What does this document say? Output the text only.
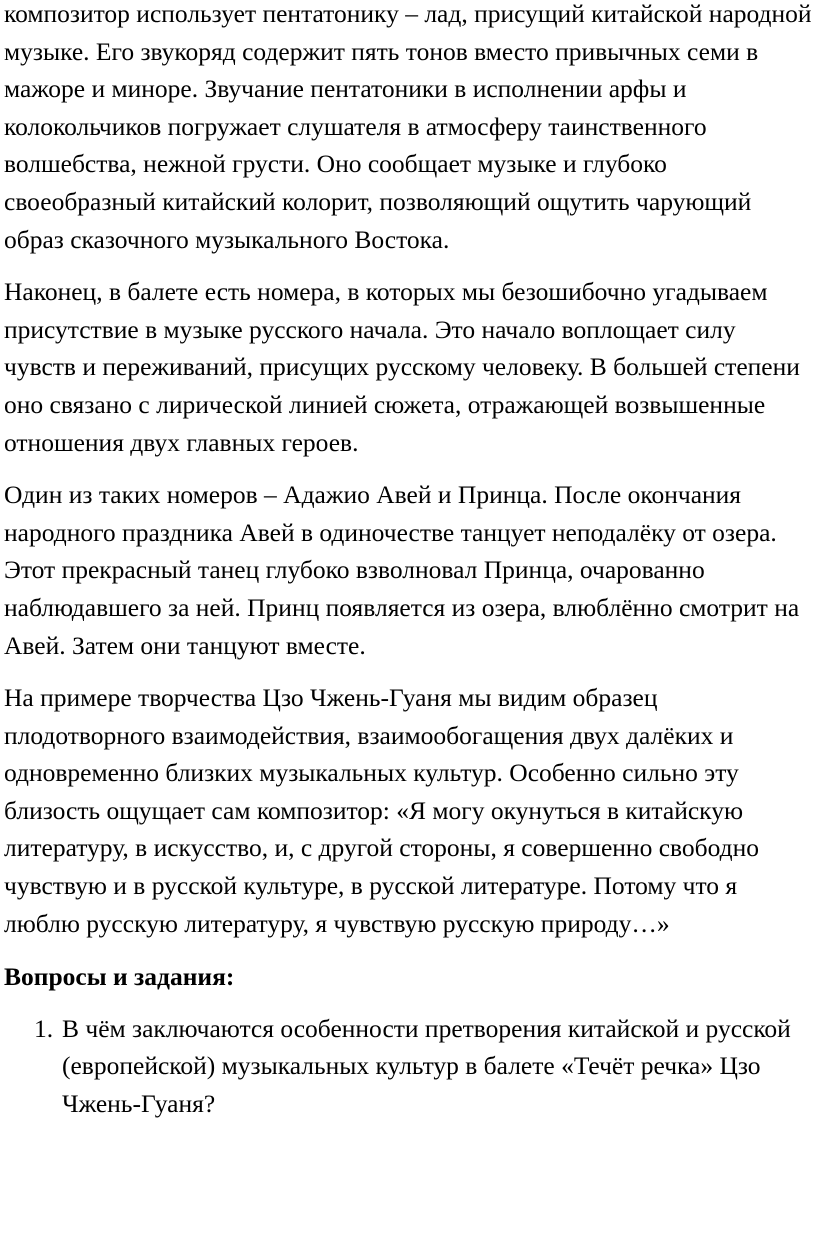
композитор использует пентатонику – лад, присущий китайской народной музыке. Его звукоряд содержит пять тонов вместо привычных семи в мажоре и миноре. Звучание пентатоники в исполнении арфы и колокольчиков погружает слушателя в атмосферу таинственного волшебства, нежной грусти. Оно сообщает музыке и глубоко своеобразный китайский колорит, позволяющий ощутить чарующий образ сказочного музыкального Востока.

Наконец, в балете есть номера, в которых мы безошибочно угадываем присутствие в музыке русского начала. Это начало воплощает силу чувств и переживаний, присущих русскому человеку. В большей степени оно связано с лирической линией сюжета, отражающей возвышенные отношения двух главных героев.

Один из таких номеров – Адажио Авей и Принца. После окончания народного праздника Авей в одиночестве танцует неподалёку от озера. Этот прекрасный танец глубоко взволновал Принца, очарованно наблюдавшего за ней. Принц появляется из озера, влюблённо смотрит на Авей. Затем они танцуют вместе.

На примере творчества Цзо Чжень-Гуаня мы видим образец плодотворного взаимодействия, взаимообогащения двух далёких и одновременно близких музыкальных культур. Особенно сильно эту близость ощущает сам композитор: «Я могу окунуться в китайскую литературу, в искусство, и, с другой стороны, я совершенно свободно чувствую и в русской культуре, в русской литературе. Потому что я люблю русскую литературу, я чувствую русскую природу…»

Вопросы и задания:

1. В чём заключаются особенности претворения китайской и русской (европейской) музыкальных культур в балете «Течёт речка» Цзо Чжень-Гуаня?
